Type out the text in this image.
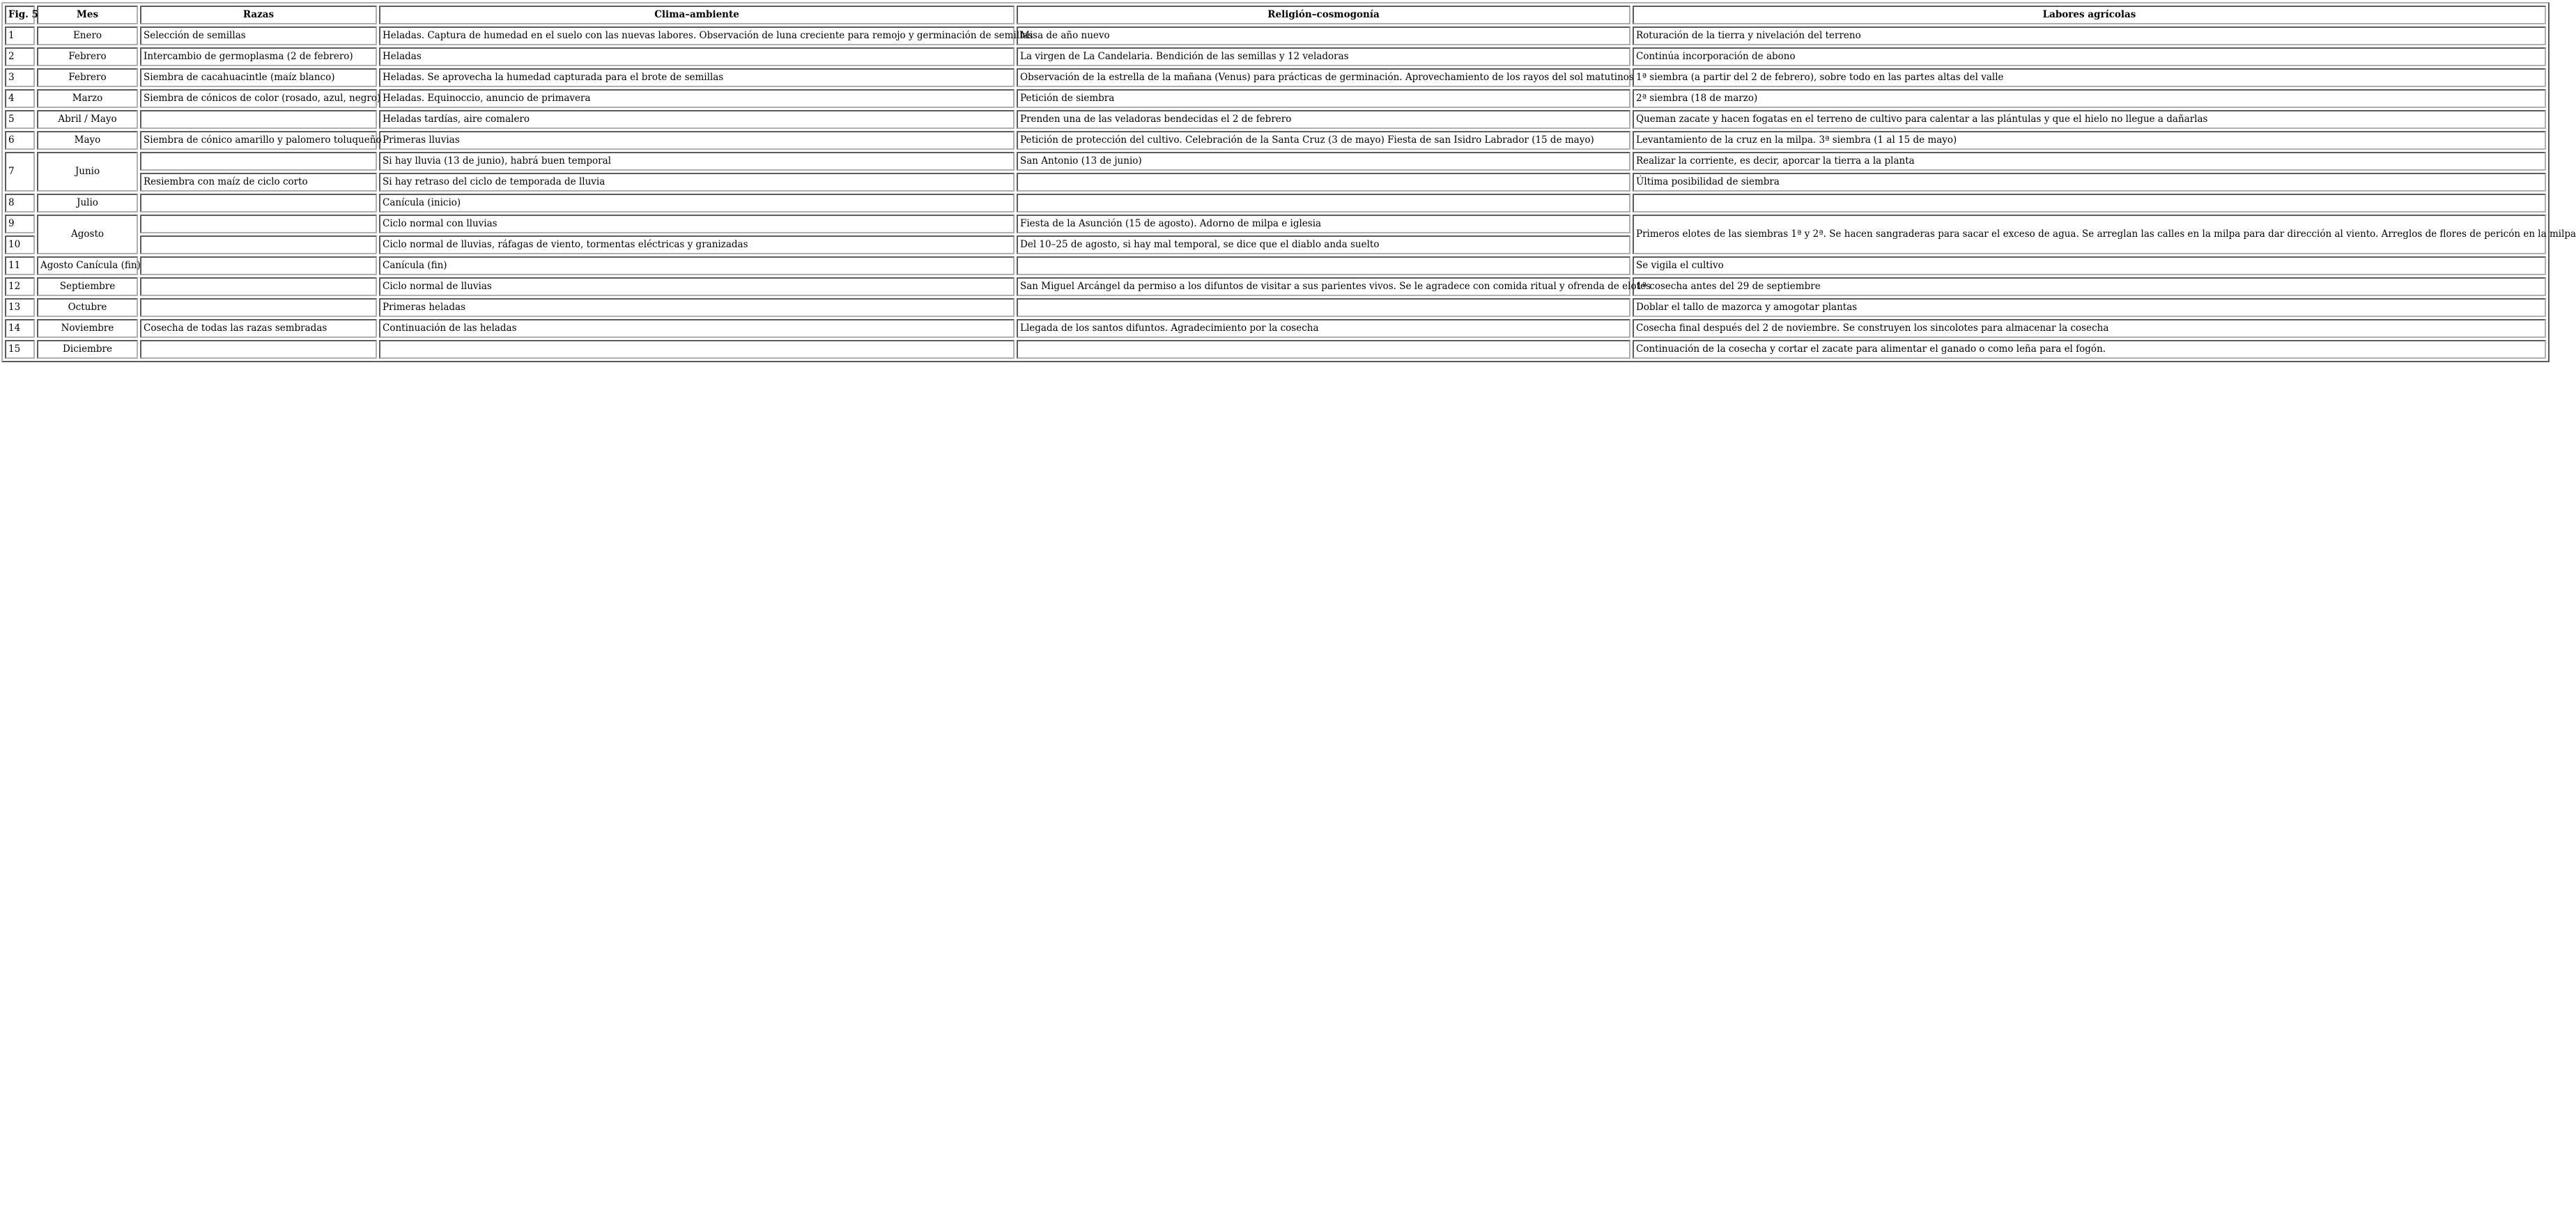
Fig. 5	Mes	Razas	Clima–ambiente	Religión–cosmogonía	Labores agrícolas
1	Enero	Selección de semillas	Heladas. Captura de humedad en el suelo con las nuevas labores. Observación de luna creciente para remojo y germinación de semillas	Misa de año nuevo	Roturación de la tierra y nivelación del terreno
2	Febrero	Intercambio de germoplasma (2 de febrero)	Heladas	La virgen de La Candelaria. Bendición de las semillas y 12 veladoras	Continúa incorporación de abono
3	Febrero	Siembra de cacahuacintle (maíz blanco)	Heladas. Se aprovecha la humedad capturada para el brote de semillas	Observación de la estrella de la mañana (Venus) para prácticas de germinación. Aprovechamiento de los rayos del sol matutinos	1ª siembra (a partir del 2 de febrero), sobre todo en las partes altas del valle
4	Marzo	Siembra de cónicos de color (rosado, azul, negro)	Heladas. Equinoccio, anuncio de primavera	Petición de siembra	2ª siembra (18 de marzo)
5	Abril / Mayo		Heladas tardías, aire comalero	Prenden una de las veladoras bendecidas el 2 de febrero	Queman zacate y hacen fogatas en el terreno de cultivo para calentar a las plántulas y que el hielo no llegue a dañarlas
6	Mayo	Siembra de cónico amarillo y palomero toluqueño	Primeras lluvias	Petición de protección del cultivo. Celebración de la Santa Cruz (3 de mayo) Fiesta de san Isidro Labrador (15 de mayo)	Levantamiento de la cruz en la milpa. 3ª siembra (1 al 15 de mayo)
7	Junio		Si hay lluvia (13 de junio), habrá buen temporal	San Antonio (13 de junio)	Realizar la corriente, es decir, aporcar la tierra a la planta
		Resiembra con maíz de ciclo corto	Si hay retraso del ciclo de temporada de lluvia		Última posibilidad de siembra
8	Julio		Canícula (inicio)		
9	Agosto		Ciclo normal con lluvias	Fiesta de la Asunción (15 de agosto). Adorno de milpa e iglesia	Primeros elotes de las siembras 1ª y 2ª. Se hacen sangraderas para sacar el exceso de agua. Se arreglan las calles en la milpa para dar dirección al viento. Arreglos de flores de pericón en la milpa
10			Ciclo normal de lluvias, ráfagas de viento, tormentas eléctricas y granizadas	Del 10–25 de agosto, si hay mal temporal, se dice que el diablo anda suelto	
11	Agosto Canícula (fin)		Canícula (fin)		Se vigila el cultivo
12	Septiembre		Ciclo normal de lluvias	San Miguel Arcángel da permiso a los difuntos de visitar a sus parientes vivos. Se le agradece con comida ritual y ofrenda de elotes	1ª cosecha antes del 29 de septiembre
13	Octubre		Primeras heladas		Doblar el tallo de mazorca y amogotar plantas
14	Noviembre	Cosecha de todas las razas sembradas	Continuación de las heladas	Llegada de los santos difuntos. Agradecimiento por la cosecha	Cosecha final después del 2 de noviembre. Se construyen los sincolotes para almacenar la cosecha
15	Diciembre				Continuación de la cosecha y cortar el zacate para alimentar el ganado o como leña para el fogón.
